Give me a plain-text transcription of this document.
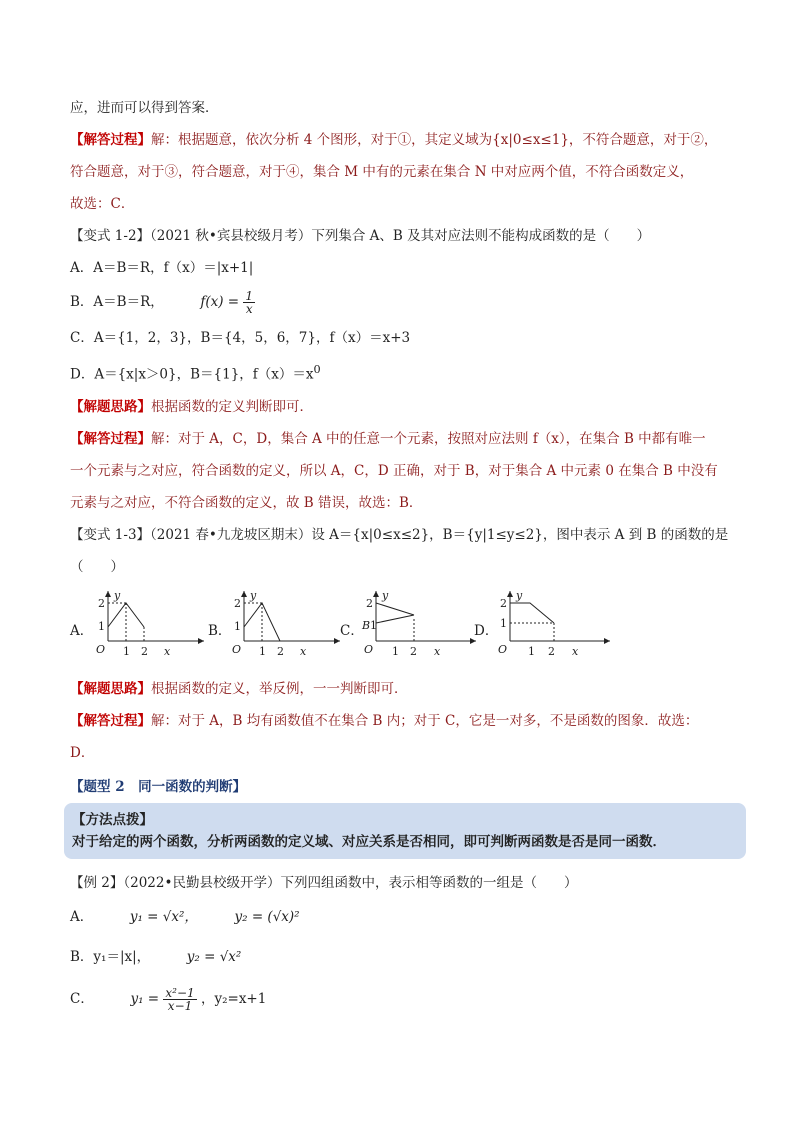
应，进而可以得到答案．
【解答过程】解：根据题意，依次分析 4 个图形，对于①，其定义域为{x|0≤x≤1}，不符合题意，对于②，
符合题意，对于③，符合题意，对于④，集合 M 中有的元素在集合 N 中对应两个值，不符合函数定义，
故选：C．
【变式 1-2】（2021 秋•宾县校级月考）下列集合 A、B 及其对应法则不能构成函数的是（　　）
A．A＝B＝R，f（x）＝|x+1|
B．A＝B＝R，	$f(x) = \frac{1}{x}$
C．A＝{1，2，3}，B＝{4，5，6，7}，f（x）＝x+3
D．A＝{x|x＞0}，B＝{1}，$f(x)=x^0$
【解题思路】根据函数的定义判断即可．
【解答过程】解：对于 A，C，D，集合 A 中的任意一个元素，按照对应法则 f（x），在集合 B 中都有唯一
一个元素与之对应，符合函数的定义，所以 A，C，D 正确，对于 B，对于集合 A 中元素 0 在集合 B 中没有
元素与之对应，不符合函数的定义，故 B 错误，故选：B．
【变式 1-3】（2021 春•九龙坡区期末）设 A＝{x|0≤x≤2}，B＝{y|1≤y≤2}，图中表示 A 到 B 的函数的是
（　　）
A．
2
1
y
O 1 2 x
B．
2
1
y
O 1 2 x
C．
2
B 1
y
O 1 2 x
D．
2
1
y
O 1 2 x
【解题思路】根据函数的定义，举反例，一一判断即可．
【解答过程】解：对于 A，B 均有函数值不在集合 B 内；对于 C，它是一对多，不是函数的图象．故选：
D．
【题型 2　同一函数的判断】
【方法点拨】
对于给定的两个函数，分析两函数的定义域、对应关系是否相同，即可判断两函数是否是同一函数．
【例 2】（2022•民勤县校级开学）下列四组函数中，表示相等函数的一组是（　　）
A．	y₁ = √x²，	y₂ = (√x)²
B．y₁＝|x|，	y₂ = √x²
C．	$y_1 = \frac{\text{x²−1}}{x-1}$ ，y₂=x+1
